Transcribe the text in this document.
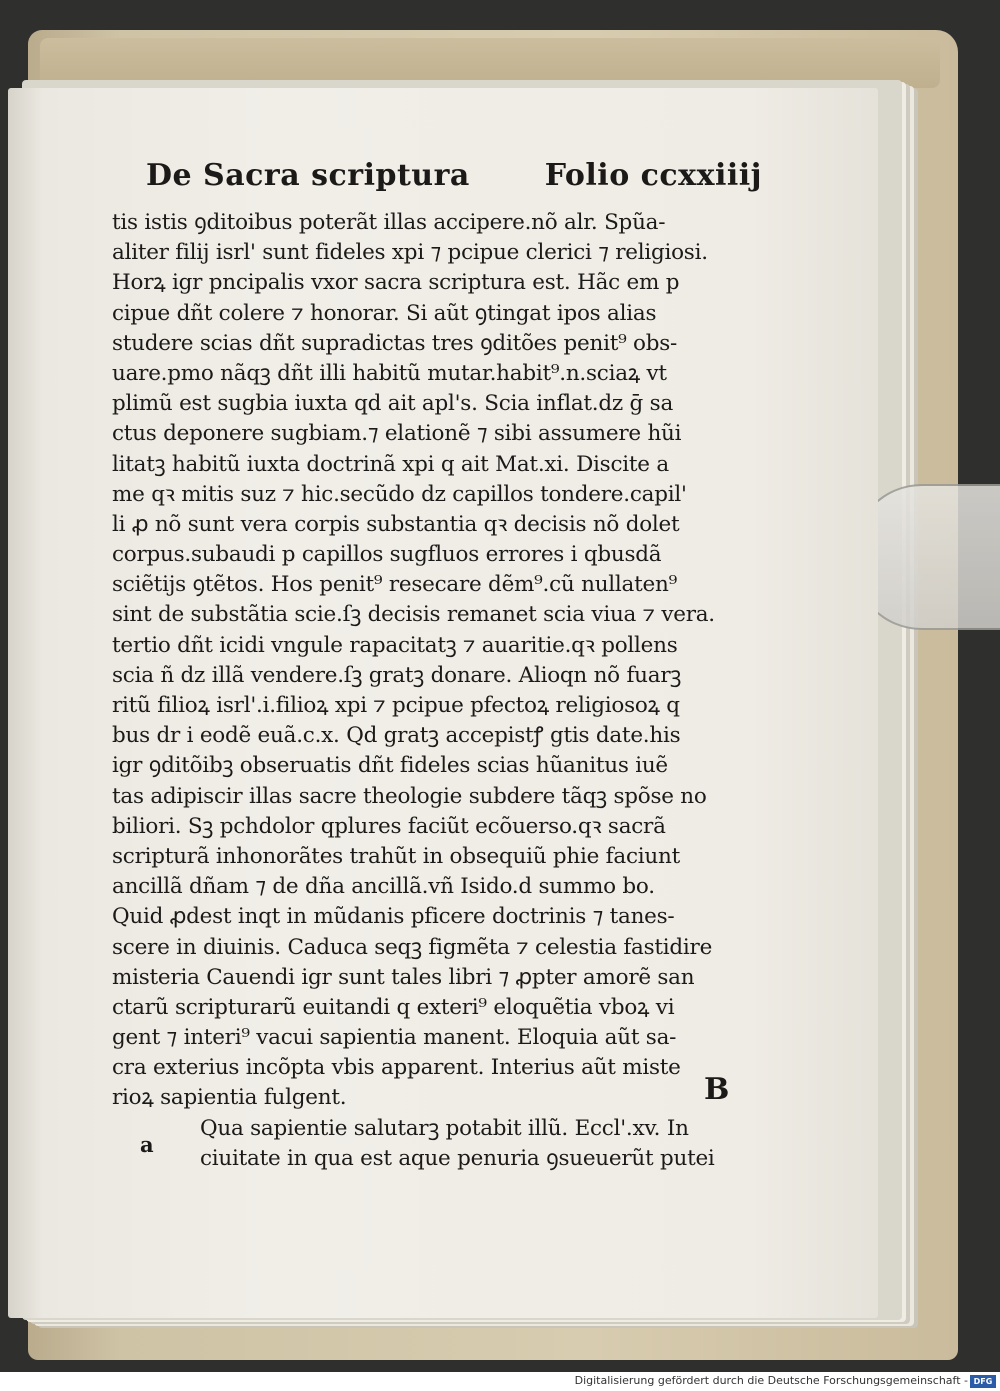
De Sacra scriptura Folio ccxxiiij
tis istis ꝯditoibus poterãt illas accipere.nõ alr. Spũa-
aliter filij isrl' sunt fideles xpi ⁊ pcipue clerici ⁊ religiosi.
Horꝝ igr pncipalis vxor sacra scriptura est. Hãc em p
cipue dñt colere ⁊ honorar. Si aũt ꝯtingat ipos alias
studere scias dñt supradictas tres ꝯditões penit⁹ obs-
uare.pmo nãqꝫ dñt illi habitũ mutar.habit⁹.n.sciaꝝ vt
plimũ est sugbia iuxta qd ait apl's. Scia inflat.dz ḡ sa
ctus deponere sugbiam.⁊ elationẽ ⁊ sibi assumere hũi
litatꝫ habitũ iuxta doctrinã xpi q ait Mat.xi. Discite a
me qꝛ mitis suz ⁊ hic.secũdo dz capillos tondere.capil'
li ꝓ nõ sunt vera corpis substantia qꝛ decisis nõ dolet
corpus.subaudi p capillos sugfluos errores i qbusdã
sciẽtijs ꝯtẽtos. Hos penit⁹ resecare dẽm⁹.cũ nullaten⁹
sint de substãtia scie.ſꝫ decisis remanet scia viua ⁊ vera.
tertio dñt icidi vngule rapacitatꝫ ⁊ auaritie.qꝛ pollens
scia ñ dz illã vendere.ſꝫ gratꝫ donare. Alioqn nõ fuarꝫ
ritũ filioꝝ isrl'.i.filioꝝ xpi ⁊ pcipue pfectoꝝ religiosoꝝ q
bus dr i eodẽ euã.c.x. Qd gratꝫ accepistꝭ gtis date.his
igr ꝯditõibꝫ obseruatis dñt fideles scias hũanitus iuẽ
tas adipiscir illas sacre theologie subdere tãqꝫ spõse no
biliori. Sꝫ pchdolor qplures faciũt ecõuerso.qꝛ sacrã
scripturã inhonorãtes trahũt in obsequiũ phie faciunt
ancillã dñam ⁊ de dña ancillã.vñ Isido.d summo bo.
Quid ꝓdest inqt in mũdanis pficere doctrinis ⁊ tanes-
scere in diuinis. Caduca seqꝫ figmẽta ⁊ celestia fastidire
misteria Cauendi igr sunt tales libri ⁊ ꝓpter amorẽ san
ctarũ scripturarũ euitandi q exteri⁹ eloquẽtia vboꝝ vi
gent ⁊ interi⁹ vacui sapientia manent. Eloquia aũt sa-
cra exterius incõpta vbis apparent. Interius aũt miste
rioꝝ sapientia fulgent.
Qua sapientie salutarꝫ potabit illũ. Eccl'.xv. In
ciuitate in qua est aque penuria ꝯsueuerũt putei
B
a
Digitalisierung gefördert durch die Deutsche Forschungsgemeinschaft - DFG
